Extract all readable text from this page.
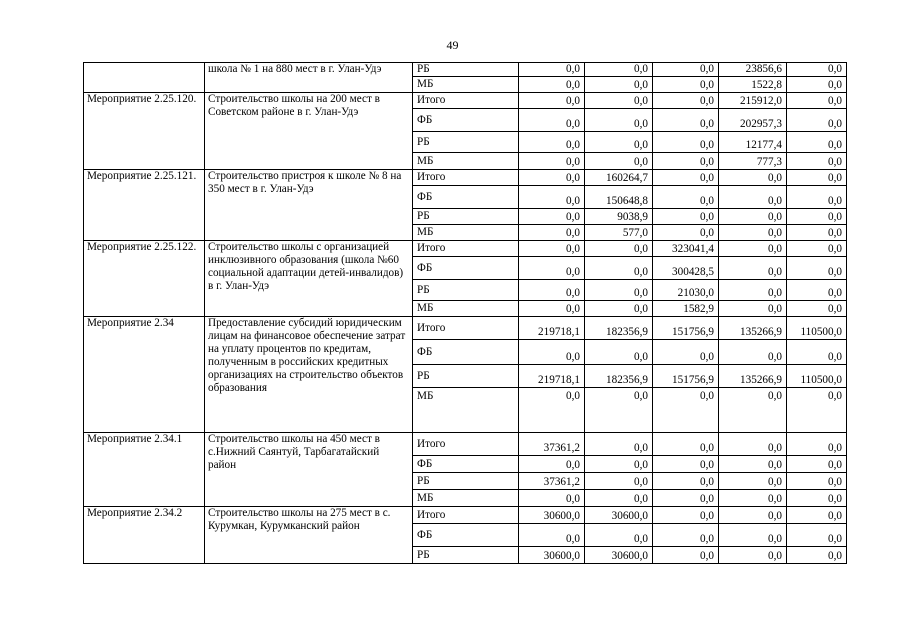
49
	школа № 1 на 880 мест в г. Улан-Удэ	РБ	0,0	0,0	0,0	23856,6	0,0
		МБ	0,0	0,0	0,0	1522,8	0,0
Мероприятие 2.25.120.	Строительство школы на 200 мест в Советском районе в г. Улан-Удэ	Итого	0,0	0,0	0,0	215912,0	0,0
		ФБ	0,0	0,0	0,0	202957,3	0,0
		РБ	0,0	0,0	0,0	12177,4	0,0
		МБ	0,0	0,0	0,0	777,3	0,0
Мероприятие 2.25.121.	Строительство пристроя к школе № 8 на 350 мест в г. Улан-Удэ	Итого	0,0	160264,7	0,0	0,0	0,0
		ФБ	0,0	150648,8	0,0	0,0	0,0
		РБ	0,0	9038,9	0,0	0,0	0,0
		МБ	0,0	577,0	0,0	0,0	0,0
Мероприятие 2.25.122.	Строительство школы с организацией инклюзивного образования (школа №60 социальной адаптации детей-инвалидов) в г. Улан-Удэ	Итого	0,0	0,0	323041,4	0,0	0,0
		ФБ	0,0	0,0	300428,5	0,0	0,0
		РБ	0,0	0,0	21030,0	0,0	0,0
		МБ	0,0	0,0	1582,9	0,0	0,0
Мероприятие 2.34	Предоставление субсидий юридическим лицам на финансовое обеспечение затрат на уплату процентов по кредитам, полученным в российских кредитных организациях на строительство объектов образования	Итого	219718,1	182356,9	151756,9	135266,9	110500,0
		ФБ	0,0	0,0	0,0	0,0	0,0
		РБ	219718,1	182356,9	151756,9	135266,9	110500,0
		МБ	0,0	0,0	0,0	0,0	0,0
Мероприятие 2.34.1	Строительство школы на 450 мест в с.Нижний Саянтуй, Тарбагатайский район	Итого	37361,2	0,0	0,0	0,0	0,0
		ФБ	0,0	0,0	0,0	0,0	0,0
		РБ	37361,2	0,0	0,0	0,0	0,0
		МБ	0,0	0,0	0,0	0,0	0,0
Мероприятие 2.34.2	Строительство школы на 275 мест в с. Курумкан, Курумканский район	Итого	30600,0	30600,0	0,0	0,0	0,0
		ФБ	0,0	0,0	0,0	0,0	0,0
		РБ	30600,0	30600,0	0,0	0,0	0,0
